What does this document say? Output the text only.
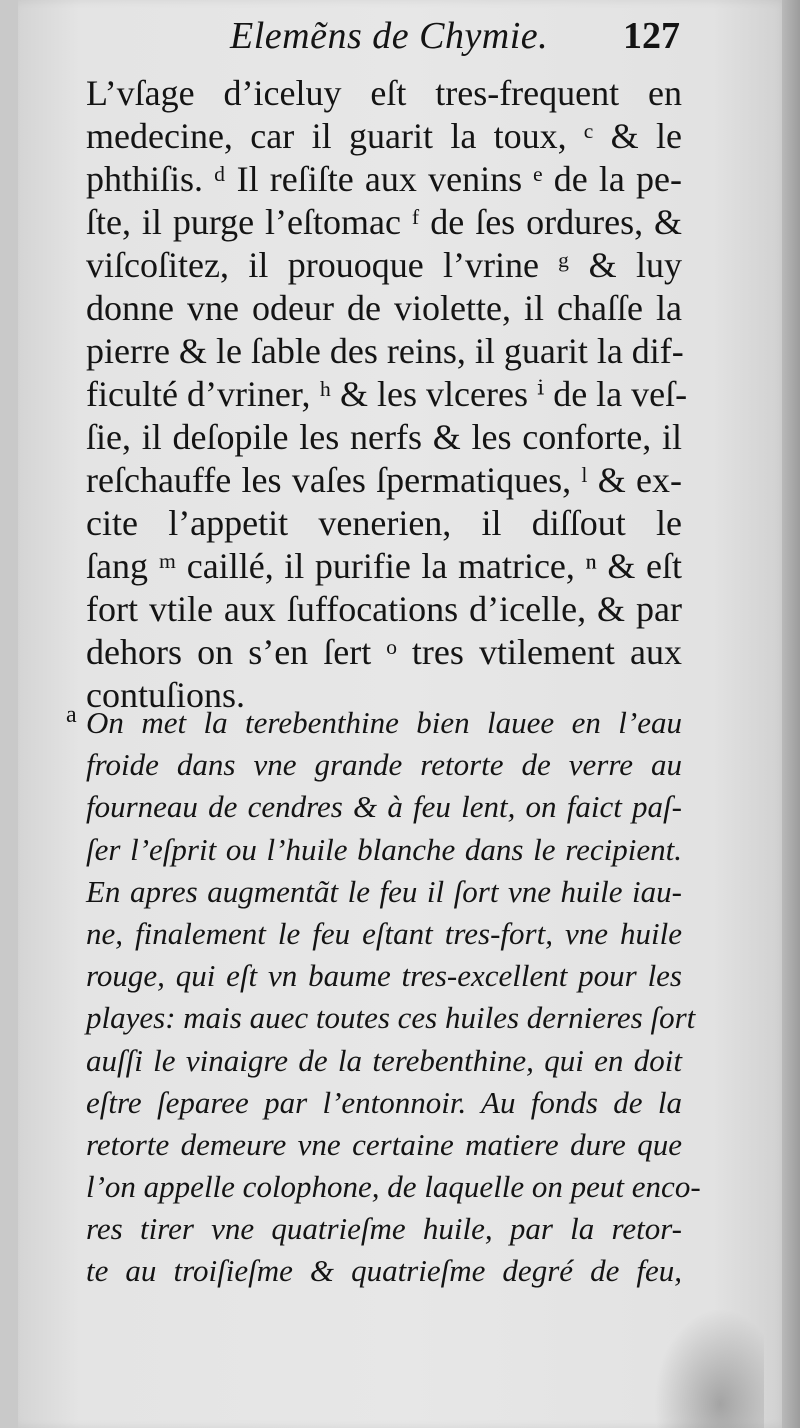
Elemẽns de Chymie. 127
L’vſage d’iceluy eſt tres-frequent en
medecine, car il guarit la toux, ᶜ & le
phthiſis. ᵈ Il reſiſte aux venins ᵉ de la pe-
ſte, il purge l’eſtomac ᶠ de ſes ordures, &
viſcoſitez, il prouoque l’vrine ᵍ & luy
donne vne odeur de violette, il chaſſe la
pierre & le ſable des reins, il guarit la dif-
ficulté d’vriner, ʰ & les vlceres ⁱ de la veſ-
ſie, il deſopile les nerfs & les conforte, il
reſchauffe les vaſes ſpermatiques, ˡ & ex-
cite l’appetit venerien, il diſſout le
ſang ᵐ caillé, il purifie la matrice, ⁿ & eſt
fort vtile aux ſuffocations d’icelle, & par
dehors on s’en ſert ᵒ tres vtilement aux
contuſions.
a On met la terebenthine bien lauee en l’eau
froide dans vne grande retorte de verre au
fourneau de cendres & à feu lent, on faict paſ-
ſer l’eſprit ou l’huile blanche dans le recipient.
En apres augmentãt le feu il ſort vne huile iau-
ne, finalement le feu eſtant tres-fort, vne huile
rouge, qui eſt vn baume tres-excellent pour les
playes: mais auec toutes ces huiles dernieres ſort
auſſi le vinaigre de la terebenthine, qui en doit
eſtre ſeparee par l’entonnoir. Au fonds de la
retorte demeure vne certaine matiere dure que
l’on appelle colophone, de laquelle on peut enco-
res tirer vne quatrieſme huile, par la retor-
te au troiſieſme & quatrieſme degré de feu,
